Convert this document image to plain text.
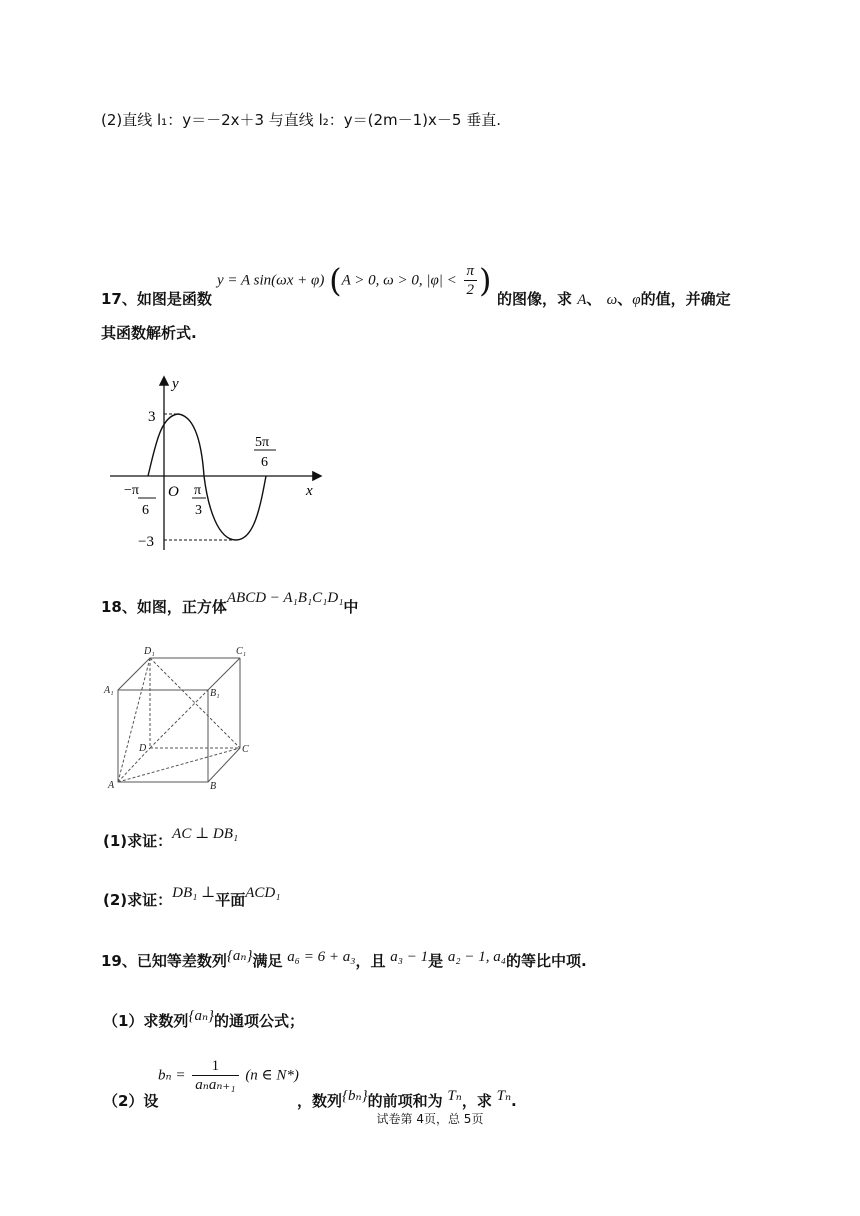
(2)直线 l₁：y＝－2x＋3 与直线 l₂：y＝(2m－1)x－5 垂直.
y = A sin(ωx + φ) (A > 0, ω > 0, $|\varphi| < \frac{\pi}{2}$ )
17、如图是函数	的图像，求 A、 ω、φ的值，并确定
其函数解析式.
y
x
O
3
−3
−π
6
π
3
5π
6
18、如图，正方体ABCD − A₁B₁C₁D₁中
D₁	C₁
A₁	B₁
D	C
A	B
(1)求证：AC ⊥ DB₁
(2)求证：DB₁ ⊥平面ACD₁
19、已知等差数列{aₙ}满足 a₆ = 6 + a₃，且 a₃ − 1是 a₂ − 1, a₄的等比中项.
（1）求数列{aₙ}的通项公式；
$b_n = \frac{1}{\text{aₙaₙ₊₁}} (n$ ∈ N*)
（2）设	，数列{bₙ}的前项和为 Tₙ，求 Tₙ.
试卷第 4页，总 5页
